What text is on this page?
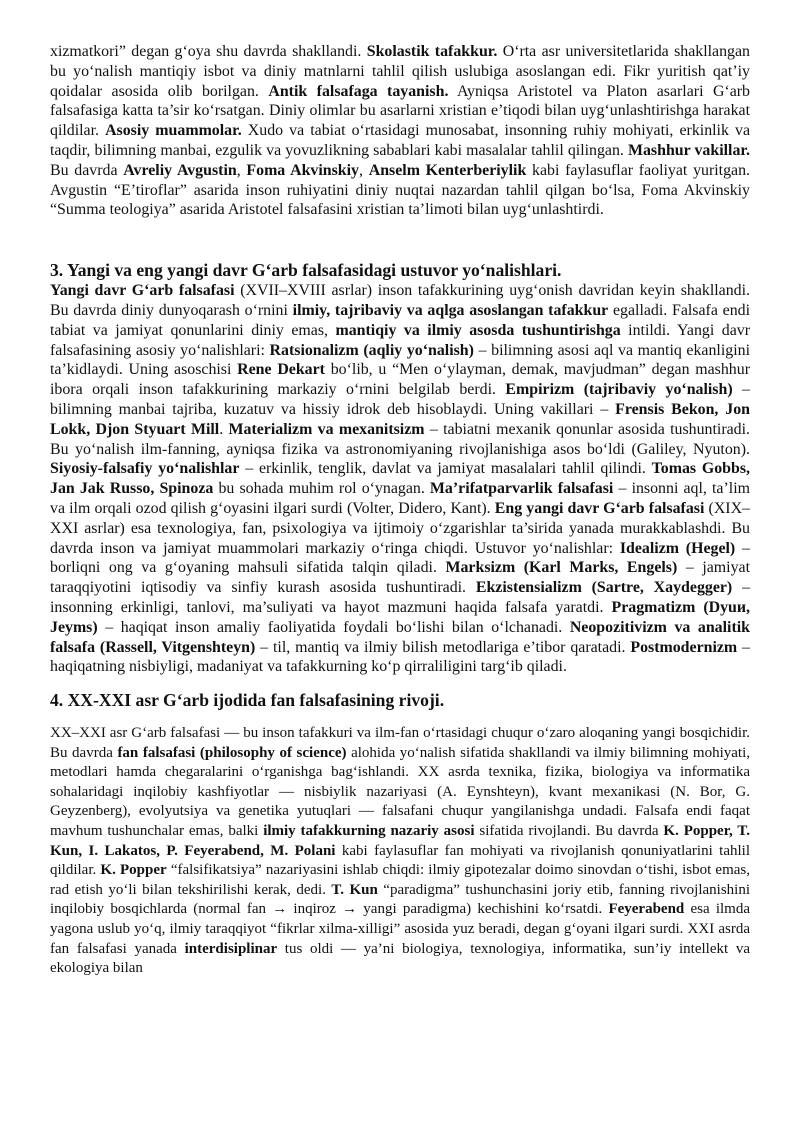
xizmatkori” degan g‘oya shu davrda shakllandi. Skolastik tafakkur. O‘rta asr universitetlarida shakllangan bu yo‘nalish mantiqiy isbot va diniy matnlarni tahlil qilish uslubiga asoslangan edi. Fikr yuritish qat’iy qoidalar asosida olib borilgan. Antik falsafaga tayanish. Ayniqsa Aristotel va Platon asarlari G‘arb falsafasiga katta ta’sir ko‘rsatgan. Diniy olimlar bu asarlarni xristian e’tiqodi bilan uyg‘unlashtirishga harakat qildilar. Asosiy muammolar. Xudo va tabiat o‘rtasidagi munosabat, insonning ruhiy mohiyati, erkinlik va taqdir, bilimning manbai, ezgulik va yovuzlikning sabablari kabi masalalar tahlil qilingan. Mashhur vakillar. Bu davrda Avreliy Avgustin, Foma Akvinskiy, Anselm Kenterberiylik kabi faylasuflar faoliyat yuritgan. Avgustin “E’tiroflar” asarida inson ruhiyatini diniy nuqtai nazardan tahlil qilgan bo‘lsa, Foma Akvinskiy “Summa teologiya” asarida Aristotel falsafasini xristian ta’limoti bilan uyg‘unlashtirdi.

3. Yangi va eng yangi davr G‘arb falsafasidagi ustuvor yo‘nalishlari.

Yangi davr G‘arb falsafasi (XVII–XVIII asrlar) inson tafakkurining uyg‘onish davridan keyin shakllandi. Bu davrda diniy dunyoqarash o‘rnini ilmiy, tajribaviy va aqlga asoslangan tafakkur egalladi. Falsafa endi tabiat va jamiyat qonunlarini diniy emas, mantiqiy va ilmiy asosda tushuntirishga intildi. Yangi davr falsafasining asosiy yo‘nalishlari: Ratsionalizm (aqliy yo‘nalish) – bilimning asosi aql va mantiq ekanligini ta’kidlaydi. Uning asoschisi Rene Dekart bo‘lib, u “Men o‘ylayman, demak, mavjudman” degan mashhur ibora orqali inson tafakkurining markaziy o‘rnini belgilab berdi. Empirizm (tajribaviy yo‘nalish) – bilimning manbai tajriba, kuzatuv va hissiy idrok deb hisoblaydi. Uning vakillari – Frensis Bekon, Jon Lokk, Djon Styuart Mill. Materializm va mexanitsizm – tabiatni mexanik qonunlar asosida tushuntiradi. Bu yo‘nalish ilm-fanning, ayniqsa fizika va astronomiyaning rivojlanishiga asos bo‘ldi (Galiley, Nyuton). Siyosiy-falsafiy yo‘nalishlar – erkinlik, tenglik, davlat va jamiyat masalalari tahlil qilindi. Tomas Gobbs, Jan Jak Russo, Spinoza bu sohada muhim rol o‘ynagan. Ma’rifatparvarlik falsafasi – insonni aql, ta’lim va ilm orqali ozod qilish g‘oyasini ilgari surdi (Volter, Didero, Kant). Eng yangi davr G‘arb falsafasi (XIX–XXI asrlar) esa texnologiya, fan, psixologiya va ijtimoiy o‘zgarishlar ta’sirida yanada murakkablashdi. Bu davrda inson va jamiyat muammolari markaziy o‘ringa chiqdi. Ustuvor yo‘nalishlar: Idealizm (Hegel) – borliqni ong va g‘oyaning mahsuli sifatida talqin qiladi. Marksizm (Karl Marks, Engels) – jamiyat taraqqiyotini iqtisodiy va sinfiy kurash asosida tushuntiradi. Ekzistensializm (Sartre, Xaydegger) – insonning erkinligi, tanlovi, ma’suliyati va hayot mazmuni haqida falsafa yaratdi. Pragmatizm (Dyuи, Jeyms) – haqiqat inson amaliy faoliyatida foydali bo‘lishi bilan o‘lchanadi. Neopozitivizm va analitik falsafa (Rassell, Vitgenshteyn) – til, mantiq va ilmiy bilish metodlariga e’tibor qaratadi. Postmodernizm – haqiqatning nisbiyligi, madaniyat va tafakkurning ko‘p qirraliligini targ‘ib qiladi.

4. XX-XXI asr G‘arb ijodida fan falsafasining rivoji.

XX–XXI asr G‘arb falsafasi — bu inson tafakkuri va ilm-fan o‘rtasidagi chuqur o‘zaro aloqaning yangi bosqichidir. Bu davrda fan falsafasi (philosophy of science) alohida yo‘nalish sifatida shakllandi va ilmiy bilimning mohiyati, metodlari hamda chegaralarini o‘rganishga bag‘ishlandi. XX asrda texnika, fizika, biologiya va informatika sohalaridagi inqilobiy kashfiyotlar — nisbiylik nazariyasi (A. Eynshteyn), kvant mexanikasi (N. Bor, G. Geyzenberg), evolyutsiya va genetika yutuqlari — falsafani chuqur yangilanishga undadi. Falsafa endi faqat mavhum tushunchalar emas, balki ilmiy tafakkurning nazariy asosi sifatida rivojlandi. Bu davrda K. Popper, T. Kun, I. Lakatos, P. Feyerabend, M. Polani kabi faylasuflar fan mohiyati va rivojlanish qonuniyatlarini tahlil qildilar. K. Popper “falsifikatsiya” nazariyasini ishlab chiqdi: ilmiy gipotezalar doimo sinovdan o‘tishi, isbot emas, rad etish yo‘li bilan tekshirilishi kerak, dedi. T. Kun “paradigma” tushunchasini joriy etib, fanning rivojlanishini inqilobiy bosqichlarda (normal fan → inqiroz → yangi paradigma) kechishini ko‘rsatdi. Feyerabend esa ilmda yagona uslub yo‘q, ilmiy taraqqiyot “fikrlar xilma-xilligi” asosida yuz beradi, degan g‘oyani ilgari surdi. XXI asrda fan falsafasi yanada interdisiplinar tus oldi — ya’ni biologiya, texnologiya, informatika, sun’iy intellekt va ekologiya bilan
